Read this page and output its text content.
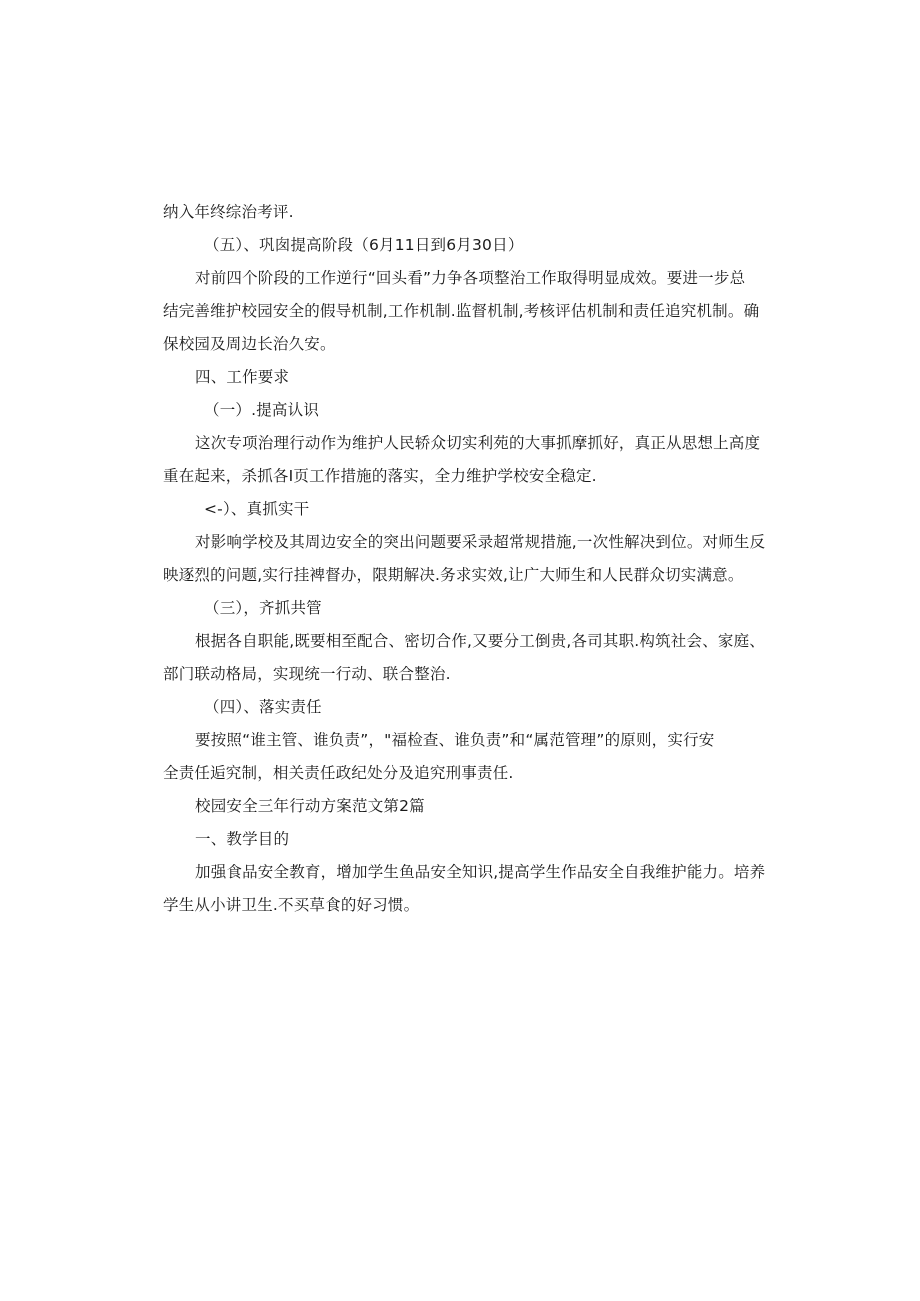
纳入年终综治考评.
（五）、巩囱提高阶段（6月11日到6月30日）
对前四个阶段的工作逆行“回头看”力争各项整治工作取得明显成效。要进一步总
结完善维护校园安全的假导机制,工作机制.监督机制,考核评估机制和责任追究机制。确
保校园及周边长治久安。
四、工作要求
（一）.提高认识
这次专项治理行动作为维护人民轿众切实利苑的大事抓摩抓好，真正从思想上高度
重在起来，杀抓各I页工作措施的落实，全力维护学校安全稳定.
<-）、真抓实干
对影响学校及其周边安全的突出问题要采录超常规措施,一次性解决到位。对师生反
映逐烈的问题,实行挂裨督办，限期解决.务求实效,让广大师生和人民群众切实满意。
（三），齐抓共管
根据各自职能,既要相至配合、密切合作,又要分工倒贵,各司其职.构筑社会、家庭、
部门联动格局，实现统一行动、联合整治.
（四）、落实责任
要按照“谁主管、谁负责”，"福检查、谁负责”和“属范管理”的原则，实行安
全责任逅究制，相关责任政纪处分及追究刑事责任.
校园安全三年行动方案范文第2篇
一、教学目的
加强食品安全教育，增加学生鱼品安全知识,提高学生作品安全自我维护能力。培养
学生从小讲卫生.不买草食的好习惯。
